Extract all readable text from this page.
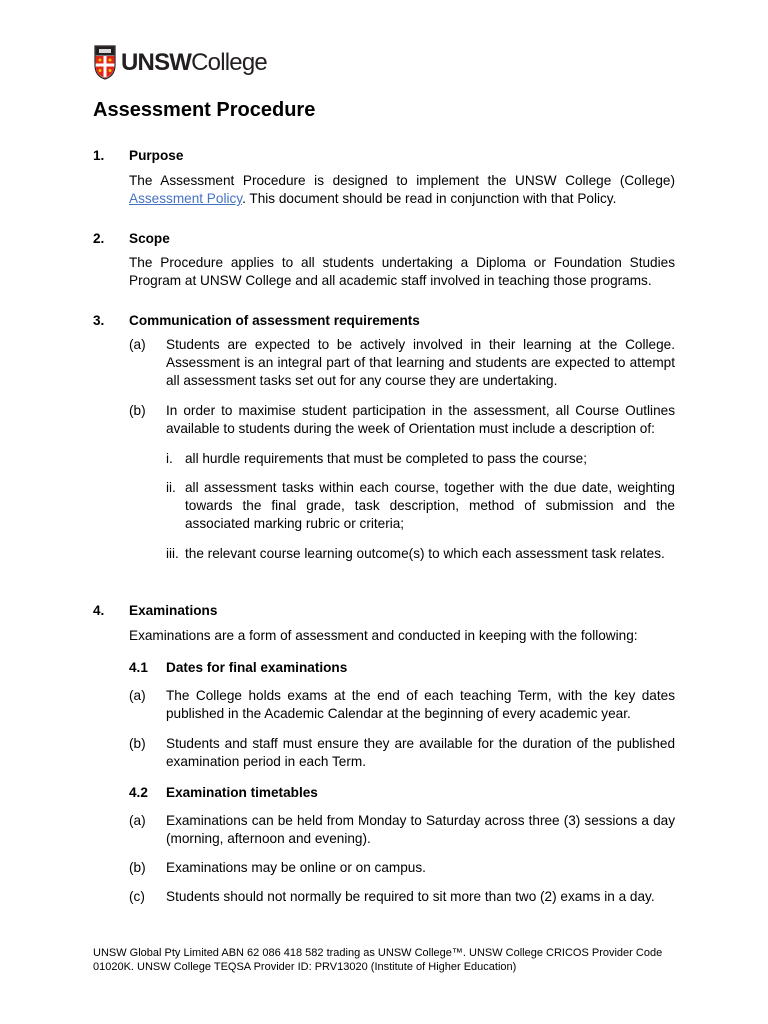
UNSWCollege
Assessment Procedure
1. Purpose

The Assessment Procedure is designed to implement the UNSW College (College) Assessment Policy. This document should be read in conjunction with that Policy.

2. Scope

The Procedure applies to all students undertaking a Diploma or Foundation Studies Program at UNSW College and all academic staff involved in teaching those programs.

3. Communication of assessment requirements
(a) Students are expected to be actively involved in their learning at the College. Assessment is an integral part of that learning and students are expected to attempt all assessment tasks set out for any course they are undertaking.

(b) In order to maximise student participation in the assessment, all Course Outlines available to students during the week of Orientation must include a description of:

i. all hurdle requirements that must be completed to pass the course;

ii. all assessment tasks within each course, together with the due date, weighting towards the final grade, task description, method of submission and the associated marking rubric or criteria;

iii. the relevant course learning outcome(s) to which each assessment task relates.

4. Examinations

Examinations are a form of assessment and conducted in keeping with the following:

4.1 Dates for final examinations
(a) The College holds exams at the end of each teaching Term, with the key dates published in the Academic Calendar at the beginning of every academic year.

(b) Students and staff must ensure they are available for the duration of the published examination period in each Term.

4.2 Examination timetables
(a) Examinations can be held from Monday to Saturday across three (3) sessions a day (morning, afternoon and evening).

(b) Examinations may be online or on campus.

(c) Students should not normally be required to sit more than two (2) exams in a day.

UNSW Global Pty Limited ABN 62 086 418 582 trading as UNSW College™. UNSW College CRICOS Provider Code 01020K. UNSW College TEQSA Provider ID: PRV13020 (Institute of Higher Education)
